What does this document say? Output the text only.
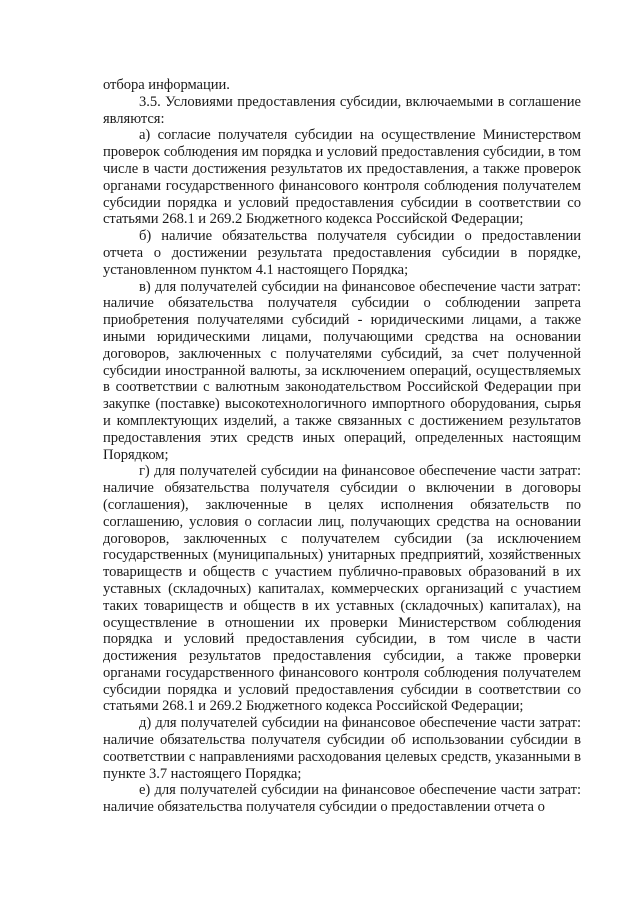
отбора информации.

3.5. Условиями предоставления субсидии, включаемыми в соглашение являются:

а) согласие получателя субсидии на осуществление Министерством проверок соблюдения им порядка и условий предоставления субсидии, в том числе в части достижения результатов их предоставления, а также проверок органами государственного финансового контроля соблюдения получателем субсидии порядка и условий предоставления субсидии в соответствии со статьями 268.1 и 269.2 Бюджетного кодекса Российской Федерации;

б) наличие обязательства получателя субсидии о предоставлении отчета о достижении результата предоставления субсидии в порядке, установленном пунктом 4.1 настоящего Порядка;

в) для получателей субсидии на финансовое обеспечение части затрат: наличие обязательства получателя субсидии о соблюдении запрета приобретения получателями субсидий - юридическими лицами, а также иными юридическими лицами, получающими средства на основании договоров, заключенных с получателями субсидий, за счет полученной субсидии иностранной валюты, за исключением операций, осуществляемых в соответствии с валютным законодательством Российской Федерации при закупке (поставке) высокотехнологичного импортного оборудования, сырья и комплектующих изделий, а также связанных с достижением результатов предоставления этих средств иных операций, определенных настоящим Порядком;

г) для получателей субсидии на финансовое обеспечение части затрат: наличие обязательства получателя субсидии о включении в договоры (соглашения), заключенные в целях исполнения обязательств по соглашению, условия о согласии лиц, получающих средства на основании договоров, заключенных с получателем субсидии (за исключением государственных (муниципальных) унитарных предприятий, хозяйственных товариществ и обществ с участием публично-правовых образований в их уставных (складочных) капиталах, коммерческих организаций с участием таких товариществ и обществ в их уставных (складочных) капиталах), на осуществление в отношении их проверки Министерством соблюдения порядка и условий предоставления субсидии, в том числе в части достижения результатов предоставления субсидии, а также проверки органами государственного финансового контроля соблюдения получателем субсидии порядка и условий предоставления субсидии в соответствии со статьями 268.1 и 269.2 Бюджетного кодекса Российской Федерации;

д) для получателей субсидии на финансовое обеспечение части затрат: наличие обязательства получателя субсидии об использовании субсидии в соответствии с направлениями расходования целевых средств, указанными в пункте 3.7 настоящего Порядка;

е) для получателей субсидии на финансовое обеспечение части затрат: наличие обязательства получателя субсидии о предоставлении отчета о
